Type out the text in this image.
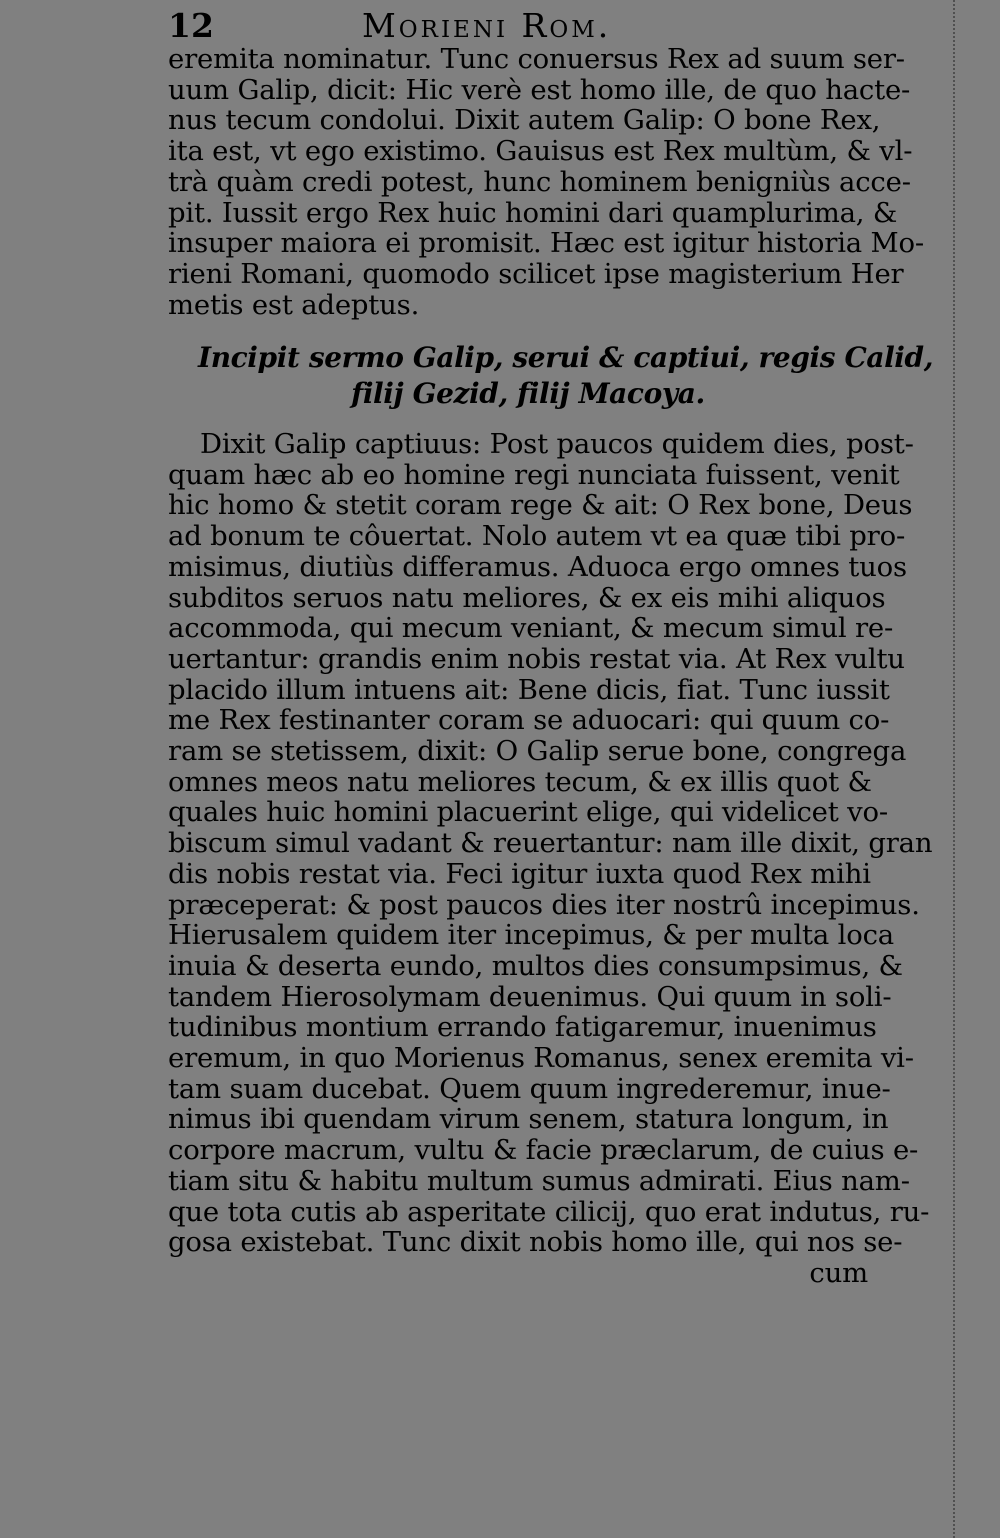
12	Morieni Rom.
eremita nominatur. Tunc conuersus Rex ad suum ser-
uum Galip, dicit: Hic verè est homo ille, de quo hacte-
nus tecum condolui. Dixit autem Galip: O bone Rex,
ita est, vt ego existimo. Gauisus est Rex multùm, & vl-
trà quàm credi potest, hunc hominem benigniùs acce-
pit. Iussit ergo Rex huic homini dari quamplurima, &
insuper maiora ei promisit. Hæc est igitur historia Mo-
rieni Romani, quomodo scilicet ipse magisterium Her
metis est adeptus.
Incipit sermo Galip, serui & captiui, regis Calid,
filij Gezid, filij Macoya.
Dixit Galip captiuus: Post paucos quidem dies, post-
quam hæc ab eo homine regi nunciata fuissent, venit
hic homo & stetit coram rege & ait: O Rex bone, Deus
ad bonum te côuertat. Nolo autem vt ea quæ tibi pro-
misimus, diutiùs differamus. Aduoca ergo omnes tuos
subditos seruos natu meliores, & ex eis mihi aliquos
accommoda, qui mecum veniant, & mecum simul re-
uertantur: grandis enim nobis restat via. At Rex vultu
placido illum intuens ait: Bene dicis, fiat. Tunc iussit
me Rex festinanter coram se aduocari: qui quum co-
ram se stetissem, dixit: O Galip serue bone, congrega
omnes meos natu meliores tecum, & ex illis quot &
quales huic homini placuerint elige, qui videlicet vo-
biscum simul vadant & reuertantur: nam ille dixit, gran
dis nobis restat via. Feci igitur iuxta quod Rex mihi
præceperat: & post paucos dies iter nostrû incepimus.
Hierusalem quidem iter incepimus, & per multa loca
inuia & deserta eundo, multos dies consumpsimus, &
tandem Hierosolymam deuenimus. Qui quum in soli-
tudinibus montium errando fatigaremur, inuenimus
eremum, in quo Morienus Romanus, senex eremita vi-
tam suam ducebat. Quem quum ingrederemur, inue-
nimus ibi quendam virum senem, statura longum, in
corpore macrum, vultu & facie præclarum, de cuius e-
tiam situ & habitu multum sumus admirati. Eius nam-
que tota cutis ab asperitate cilicij, quo erat indutus, ru-
gosa existebat. Tunc dixit nobis homo ille, qui nos se-
cum
